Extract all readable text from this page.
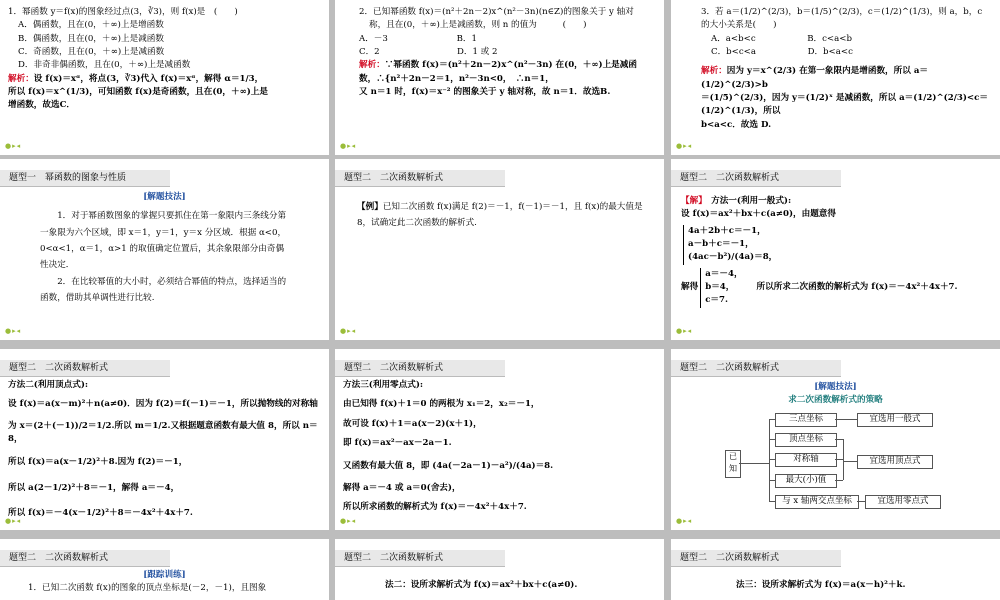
1．幂函数 y＝f(x)的图象经过点(3，∛3)，则 f(x)是　(　　)

A．偶函数，且在(0，＋∞)上是增函数

B．偶函数，且在(0，＋∞)上是减函数

C．奇函数，且在(0，＋∞)上是减函数

D．非奇非偶函数，且在(0，＋∞)上是减函数

解析：设 f(x)＝xᵅ，将点(3，∛3)代入 f(x)＝xᵅ，解得 α＝1/3，

所以 f(x)＝x^(1/3)，可知函数 f(x)是奇函数，且在(0，＋∞)上是

增函数，故选C．

●▸◂

2．已知幂函数 f(x)＝(n²＋2n－2)x^(n²－3n)(n∈Z)的图象关于 y 轴对

称，且在(0，＋∞)上是减函数，则 n 的值为　　　(　　)

A．－3　　　　　　　　B．1

C．2　　　　　　　　　D．1 或 2

解析：∵幂函数 f(x)＝(n²＋2n－2)x^(n²－3n) 在(0，＋∞)上是减函

数，∴{n²＋2n－2＝1，n²－3n<0，　∴n＝1，

又 n＝1 时，f(x)＝x⁻² 的图象关于 y 轴对称，故 n＝1．故选B.

●▸◂

3．若 a＝(1/2)^(2/3)，b＝(1/5)^(2/3)，c＝(1/2)^(1/3)，则 a，b，c 的大小关系是(　　)

A．a<b<c　　　　　　B．c<a<b

C．b<c<a　　　　　　D．b<a<c

解析：因为 y＝x^(2/3) 在第一象限内是增函数，所以 a＝(1/2)^(2/3)>b

＝(1/5)^(2/3)，因为 y＝(1/2)ˣ 是减函数，所以 a＝(1/2)^(2/3)<c＝(1/2)^(1/3)，所以

b<a<c．故选 D.

●▸◂
题型一　幂函数的图象与性质

[解题技法]

1．对于幂函数图象的掌握只要抓住在第一象限内三条线分第一象限为六个区域，即 x＝1，y＝1，y＝x 分区域．根据 α<0，0<α<1，α＝1，α>1 的取值确定位置后，其余象限部分由奇偶性决定．

2．在比较幂值的大小时，必须结合幂值的特点，选择适当的函数，借助其单调性进行比较.

●▸◂
题型二　二次函数解析式

【例】已知二次函数 f(x)满足 f(2)＝－1，f(－1)＝－1，且 f(x)的最大值是 8，试确定此二次函数的解析式.

●▸◂
题型二　二次函数解析式

【解】　 方法一(利用一般式):

设 f(x)＝ax²＋bx＋c(a≠0)，由题意得

4a＋2b＋c＝－1，

a－b＋c＝－1，

(4ac－b²)/(4a)＝8，

解得

a＝－4，

b＝4，

c＝7.

所以所求二次函数的解析式为 f(x)＝－4x²＋4x＋7.
●▸◂
题型二　二次函数解析式

方法二(利用顶点式):

设 f(x)＝a(x－m)²＋n(a≠0)．因为 f(2)＝f(－1)＝－1，所以抛物线的对称轴

为 x＝(2＋(－1))/2＝1/2.所以 m＝1/2.又根据题意函数有最大值 8，所以 n＝8，

所以 f(x)＝a(x－1/2)²＋8.因为 f(2)＝－1，

所以 a(2－1/2)²＋8＝－1，解得 a＝－4，

所以 f(x)＝－4(x－1/2)²＋8＝－4x²＋4x＋7.

●▸◂
题型二　二次函数解析式

方法三(利用零点式):

由已知得 f(x)＋1＝0 的两根为 x₁＝2，x₂＝－1，

故可设 f(x)＋1＝a(x－2)(x＋1)，

即 f(x)＝ax²－ax－2a－1.

又函数有最大值 8，即 (4a(－2a－1)－a²)/(4a)＝8.

解得 a＝－4 或 a＝0(舍去)，

所以所求函数的解析式为 f(x)＝－4x²＋4x＋7.

●▸◂
题型二　二次函数解析式

[解题技法]

求二次函数解析式的策略

已知
三点坐标
顶点坐标
对称轴
最大(小)值
与 x 轴两交点坐标
宜选用一般式
宜选用顶点式
宜选用零点式
●▸◂
题型二　二次函数解析式

[跟踪训练]

1．已知二次函数 f(x)的图象的顶点坐标是(－2，－1)，且图象

题型二　二次函数解析式

法二：设所求解析式为 f(x)＝ax²＋bx＋c(a≠0).

题型二　二次函数解析式

法三：设所求解析式为 f(x)＝a(x－h)²＋k.
